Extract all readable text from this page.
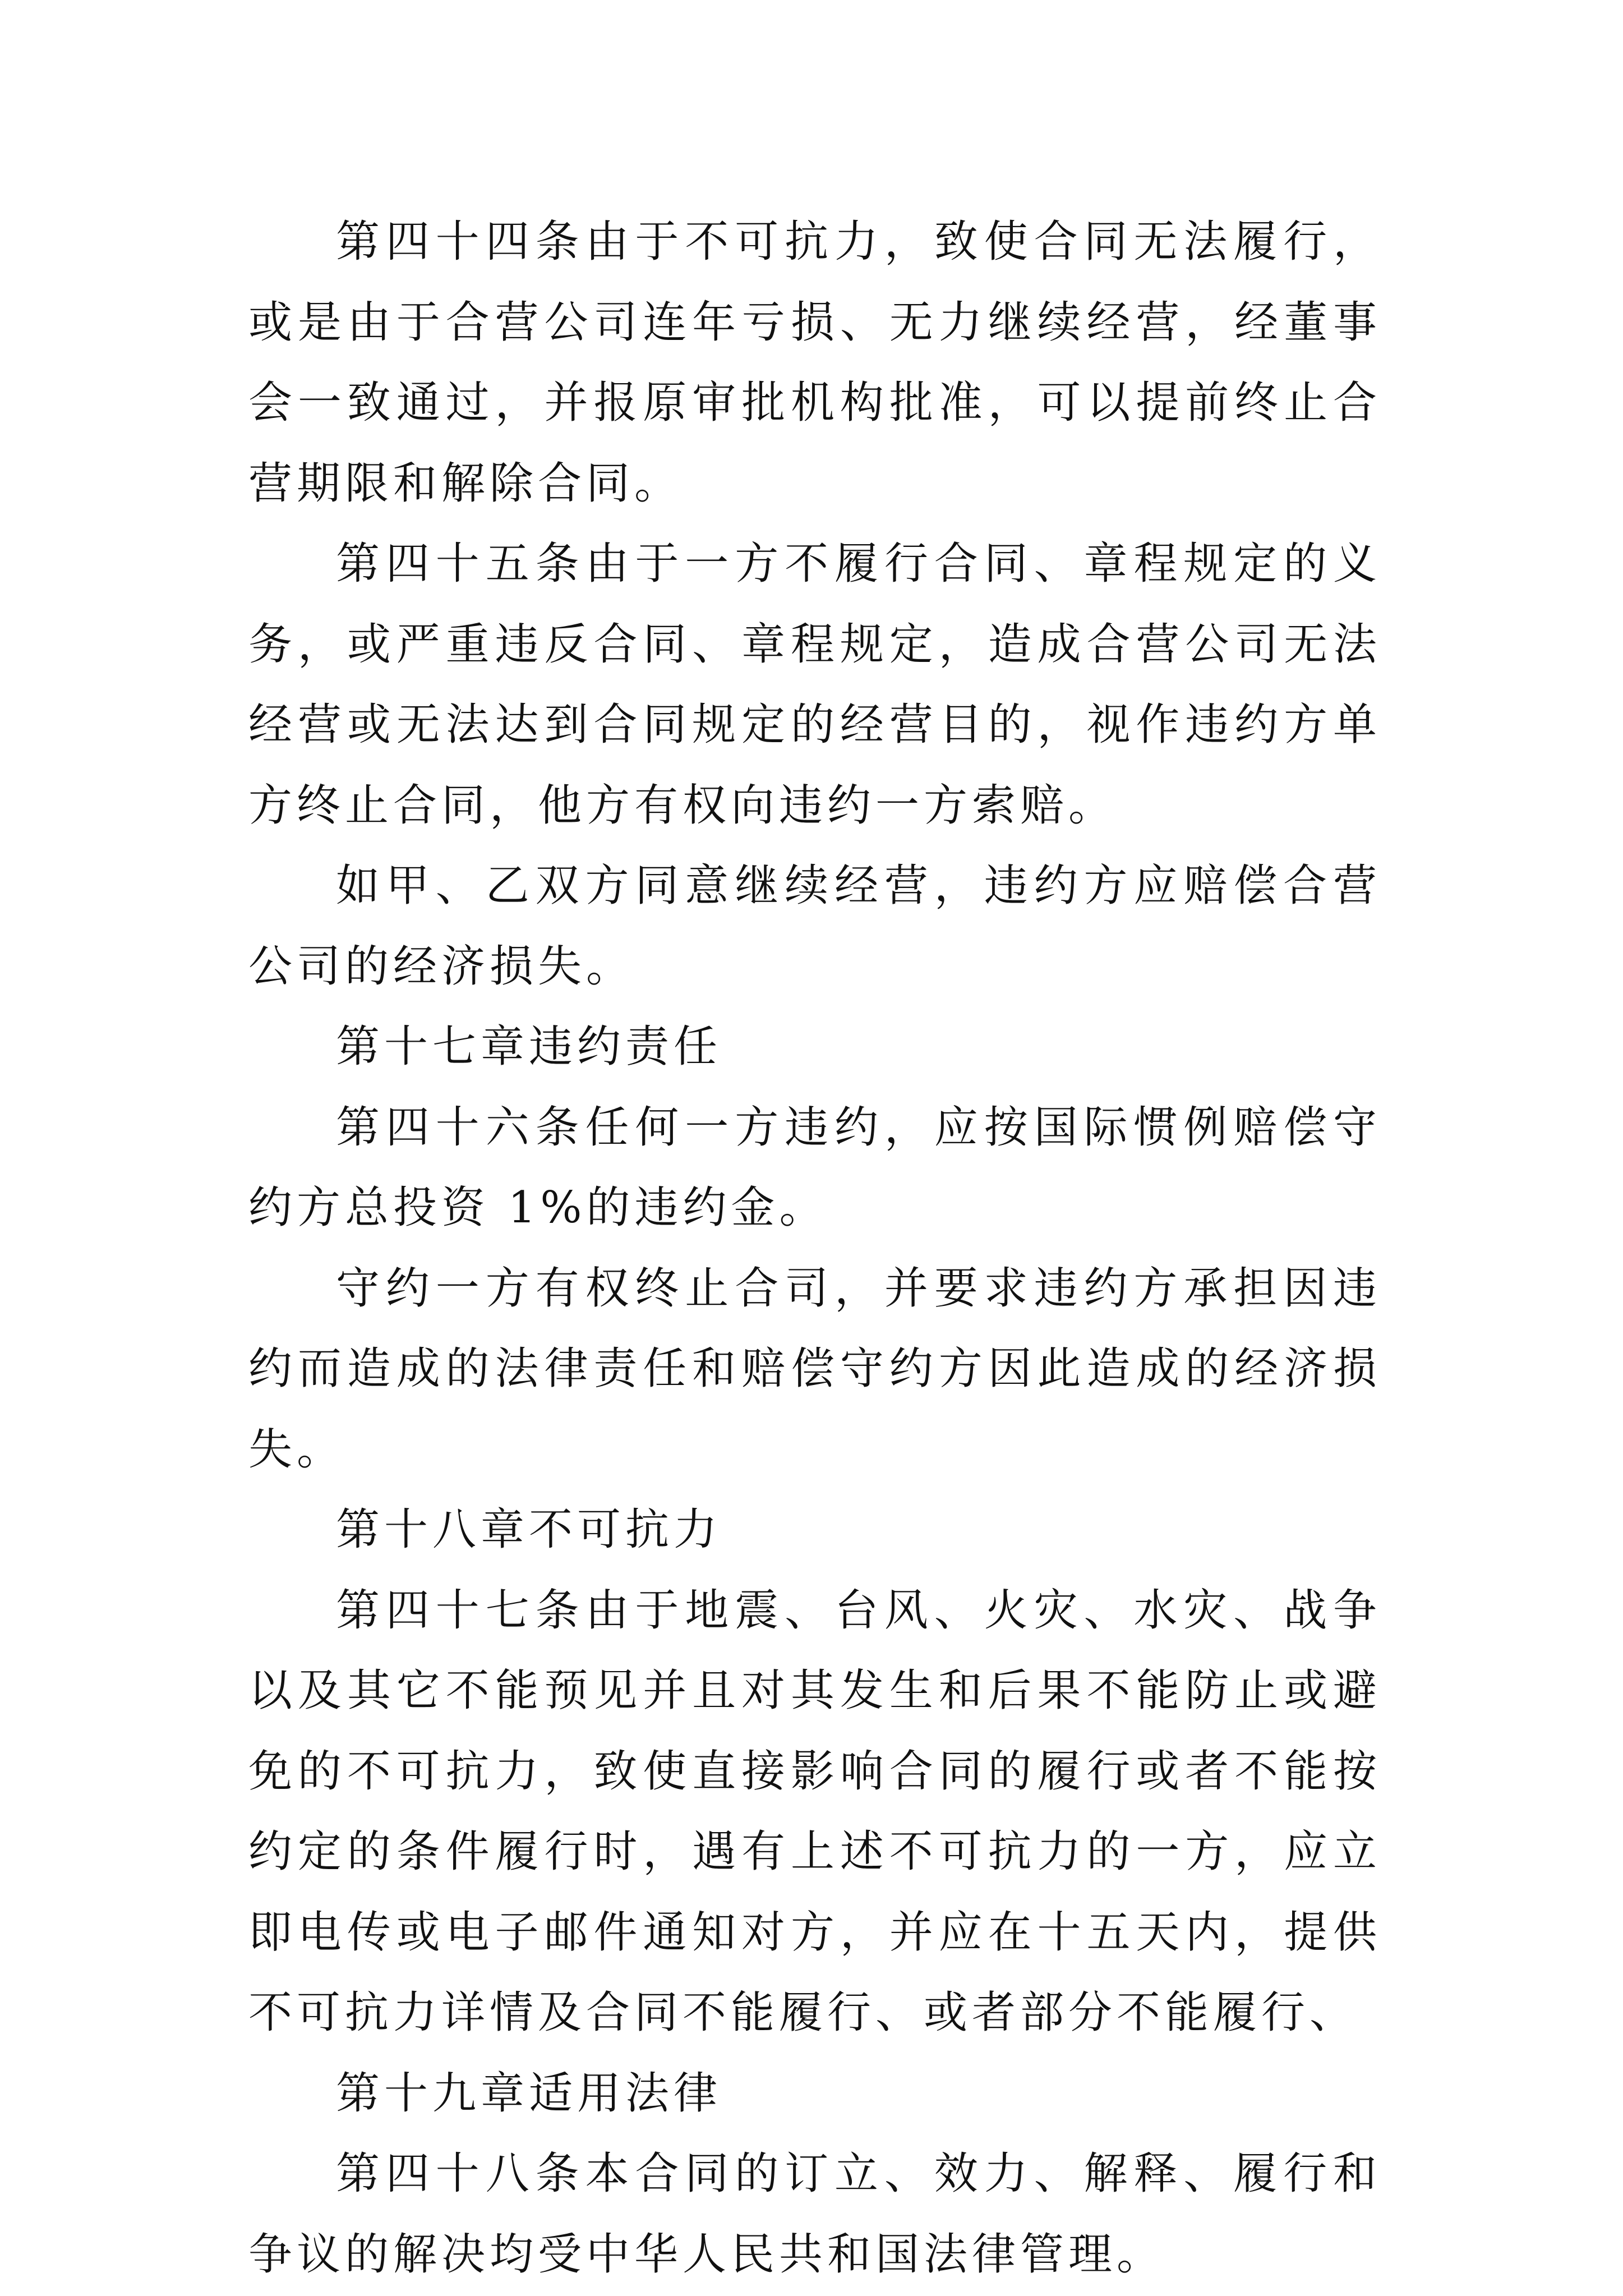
第四十四条由于不可抗力，致使合同无法履行，或是由于合营公司连年亏损、无力继续经营，经董事会一致通过，并报原审批机构批准，可以提前终止合营期限和解除合同。

第四十五条由于一方不履行合同、章程规定的义务，或严重违反合同、章程规定，造成合营公司无法经营或无法达到合同规定的经营目的，视作违约方单方终止合同，他方有权向违约一方索赔。

如甲、乙双方同意继续经营，违约方应赔偿合营公司的经济损失。

第十七章违约责任

第四十六条任何一方违约，应按国际惯例赔偿守约方总投资 1%的违约金。

守约一方有权终止合司，并要求违约方承担因违约而造成的法律责任和赔偿守约方因此造成的经济损失。

第十八章不可抗力

第四十七条由于地震、台风、火灾、水灾、战争以及其它不能预见并且对其发生和后果不能防止或避免的不可抗力，致使直接影响合同的履行或者不能按约定的条件履行时，遇有上述不可抗力的一方，应立即电传或电子邮件通知对方，并应在十五天内，提供不可抗力详情及合同不能履行、或者部分不能履行、

第十九章适用法律

第四十八条本合同的订立、效力、解释、履行和争议的解决均受中华人民共和国法律管理。
